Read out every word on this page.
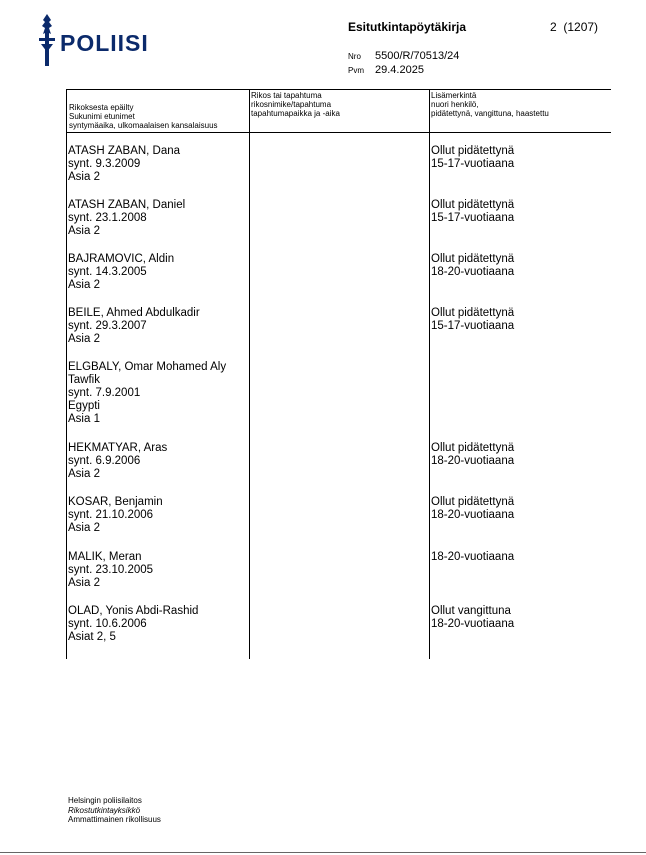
POLIISI
Esitutkintapöytäkirja	2 (1207)
Nro 5500/R/70513/24
Pvm 29.4.2025
Rikoksesta epäilty
Sukunimi etunimet
syntymäaika, ulkomaalaisen kansalaisuus
Rikos tai tapahtuma
rikosnimike/tapahtuma
tapahtumapaikka ja -aika
Lisämerkintä
nuori henkilö,
pidätettynä, vangittuna, haastettu
ATASH ZABAN, Dana
synt. 9.3.2009
Asia 2
Ollut pidätettynä
15-17-vuotiaana
ATASH ZABAN, Daniel
synt. 23.1.2008
Asia 2
Ollut pidätettynä
15-17-vuotiaana
BAJRAMOVIC, Aldin
synt. 14.3.2005
Asia 2
Ollut pidätettynä
18-20-vuotiaana
BEILE, Ahmed Abdulkadir
synt. 29.3.2007
Asia 2
Ollut pidätettynä
15-17-vuotiaana
ELGBALY, Omar Mohamed Aly
Tawfik
synt. 7.9.2001
Egypti
Asia 1
HEKMATYAR, Aras
synt. 6.9.2006
Asia 2
Ollut pidätettynä
18-20-vuotiaana
KOSAR, Benjamin
synt. 21.10.2006
Asia 2
Ollut pidätettynä
18-20-vuotiaana
MALIK, Meran
synt. 23.10.2005
Asia 2
18-20-vuotiaana
OLAD, Yonis Abdi-Rashid
synt. 10.6.2006
Asiat 2, 5
Ollut vangittuna
18-20-vuotiaana
Helsingin poliisilaitos
Rikostutkintayksikkö
Ammattimainen rikollisuus
